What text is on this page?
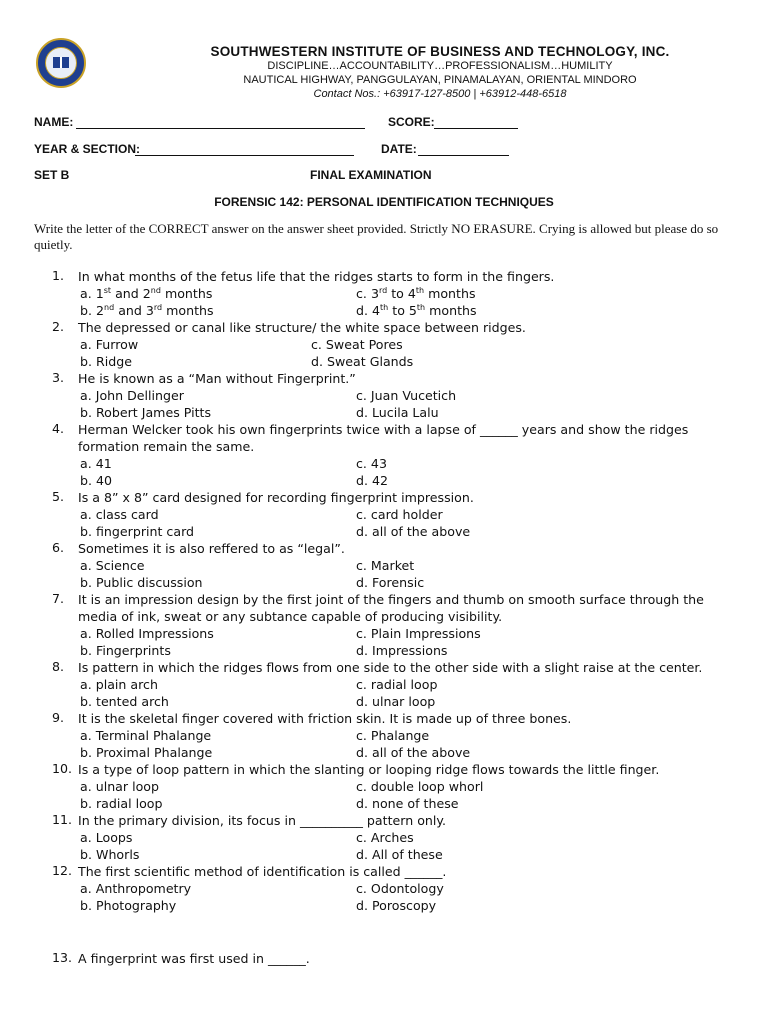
SOUTHWESTERN INSTITUTE OF BUSINESS AND TECHNOLOGY, INC.
DISCIPLINE…ACCOUNTABILITY…PROFESSIONALISM…HUMILITY
NAUTICAL HIGHWAY, PANGGULAYAN, PINAMALAYAN, ORIENTAL MINDORO
Contact Nos.: +63917-127-8500 | +63912-448-6518
NAME:	SCORE:
YEAR & SECTION:	DATE:
SET B	FINAL EXAMINATION
FORENSIC 142: PERSONAL IDENTIFICATION TECHNIQUES
Write the letter of the CORRECT answer on the answer sheet provided. Strictly NO ERASURE. Crying is allowed but please do so quietly.
1. In what months of the fetus life that the ridges starts to form in the fingers.
a. 1st and 2nd months	c. 3rd to 4th months
b. 2nd and 3rd months	d. 4th to 5th months
2. The depressed or canal like structure/ the white space between ridges.
a. Furrow	c. Sweat Pores
b. Ridge	d. Sweat Glands
3. He is known as a “Man without Fingerprint.”
a. John Dellinger	c. Juan Vucetich
b. Robert James Pitts	d. Lucila Lalu
4. Herman Welcker took his own fingerprints twice with a lapse of ______ years and show the ridges formation remain the same.
a. 41	c. 43
b. 40	d. 42
5. Is a 8” x 8” card designed for recording fingerprint impression.
a. class card	c. card holder
b. fingerprint card	d. all of the above
6. Sometimes it is also reffered to as “legal”.
a. Science	c. Market
b. Public discussion	d. Forensic
7. It is an impression design by the first joint of the fingers and thumb on smooth surface through the media of ink, sweat or any subtance capable of producing visibility.
a. Rolled Impressions	c. Plain Impressions
b. Fingerprints	d. Impressions
8. Is pattern in which the ridges flows from one side to the other side with a slight raise at the center.
a. plain arch	c. radial loop
b. tented arch	d. ulnar loop
9. It is the skeletal finger covered with friction skin. It is made up of three bones.
a. Terminal Phalange	c. Phalange
b. Proximal Phalange	d. all of the above
10. Is a type of loop pattern in which the slanting or looping ridge flows towards the little finger.
a. ulnar loop	c. double loop whorl
b. radial loop	d. none of these
11. In the primary division, its focus in __________ pattern only.
a. Loops	c. Arches
b. Whorls	d. All of these
12. The first scientific method of identification is called ______.
a. Anthropometry	c. Odontology
b. Photography	d. Poroscopy
13. A fingerprint was first used in ______.
